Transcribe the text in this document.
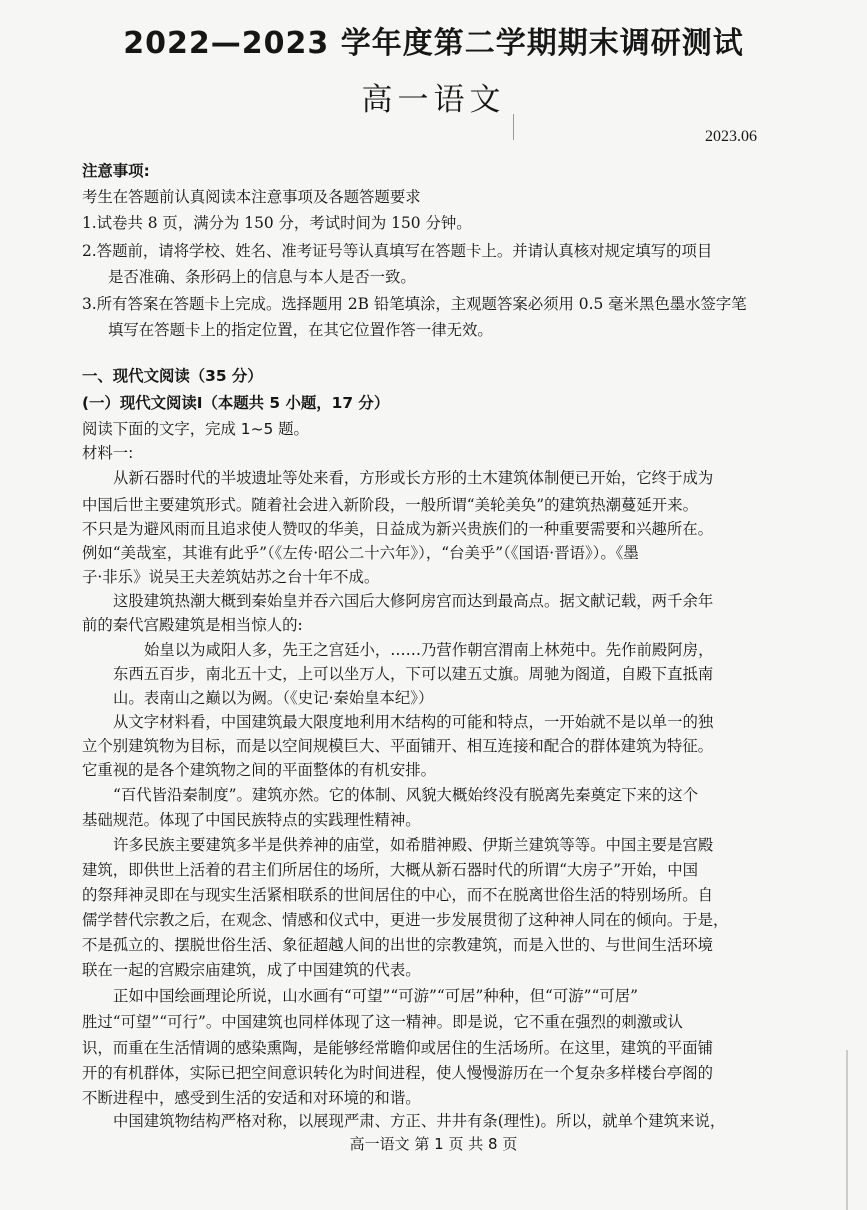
2022—2023 学年度第二学期期末调研测试
高一语文
2023.06
注意事项:
考生在答题前认真阅读本注意事项及各题答题要求
1.试卷共 8 页，满分为 150 分，考试时间为 150 分钟。
2.答题前，请将学校、姓名、准考证号等认真填写在答题卡上。并请认真核对规定填写的项目
是否准确、条形码上的信息与本人是否一致。
3.所有答案在答题卡上完成。选择题用 2B 铅笔填涂，主观题答案必须用 0.5 毫米黑色墨水签字笔
填写在答题卡上的指定位置，在其它位置作答一律无效。
一、现代文阅读（35 分）
(一）现代文阅读Ⅰ（本题共 5 小题，17 分）
阅读下面的文字，完成 1~5 题。
材料一:
从新石器时代的半坡遗址等处来看，方形或长方形的土木建筑体制便已开始，它终于成为
中国后世主要建筑形式。随着社会进入新阶段，一般所谓“美轮美奂”的建筑热潮蔓延开来。
不只是为避风雨而且追求使人赞叹的华美，日益成为新兴贵族们的一种重要需要和兴趣所在。
例如“美哉室，其谁有此乎”（《左传·昭公二十六年》），“台美乎”（《国语·晋语》）。《墨
子·非乐》说吴王夫差筑姑苏之台十年不成。
这股建筑热潮大概到秦始皇并吞六国后大修阿房宫而达到最高点。据文献记载，两千余年
前的秦代宫殿建筑是相当惊人的:
始皇以为咸阳人多，先王之宫廷小，……乃营作朝宫渭南上林苑中。先作前殿阿房，
东西五百步，南北五十丈，上可以坐万人，下可以建五丈旗。周驰为阁道，自殿下直抵南
山。表南山之巅以为阙。（《史记·秦始皇本纪》）
从文字材料看，中国建筑最大限度地利用木结构的可能和特点，一开始就不是以单一的独
立个别建筑物为目标，而是以空间规模巨大、平面铺开、相互连接和配合的群体建筑为特征。
它重视的是各个建筑物之间的平面整体的有机安排。
“百代皆沿秦制度”。建筑亦然。它的体制、风貌大概始终没有脱离先秦奠定下来的这个
基础规范。体现了中国民族特点的实践理性精神。
许多民族主要建筑多半是供养神的庙堂，如希腊神殿、伊斯兰建筑等等。中国主要是宫殿
建筑，即供世上活着的君主们所居住的场所，大概从新石器时代的所谓“大房子”开始，中国
的祭拜神灵即在与现实生活紧相联系的世间居住的中心，而不在脱离世俗生活的特别场所。自
儒学替代宗教之后，在观念、情感和仪式中，更进一步发展贯彻了这种神人同在的倾向。于是，
不是孤立的、摆脱世俗生活、象征超越人间的出世的宗教建筑，而是入世的、与世间生活环境
联在一起的宫殿宗庙建筑，成了中国建筑的代表。
正如中国绘画理论所说，山水画有“可望”“可游”“可居”种种，但“可游”“可居”
胜过“可望”“可行”。中国建筑也同样体现了这一精神。即是说，它不重在强烈的刺激或认
识，而重在生活情调的感染熏陶，是能够经常瞻仰或居住的生活场所。在这里，建筑的平面铺
开的有机群体，实际已把空间意识转化为时间进程，使人慢慢游历在一个复杂多样楼台亭阁的
不断进程中，感受到生活的安适和对环境的和谐。
高一语文 第 1 页 共 8 页
中国建筑物结构严格对称，以展现严肃、方正、井井有条(理性)。所以，就单个建筑来说，
